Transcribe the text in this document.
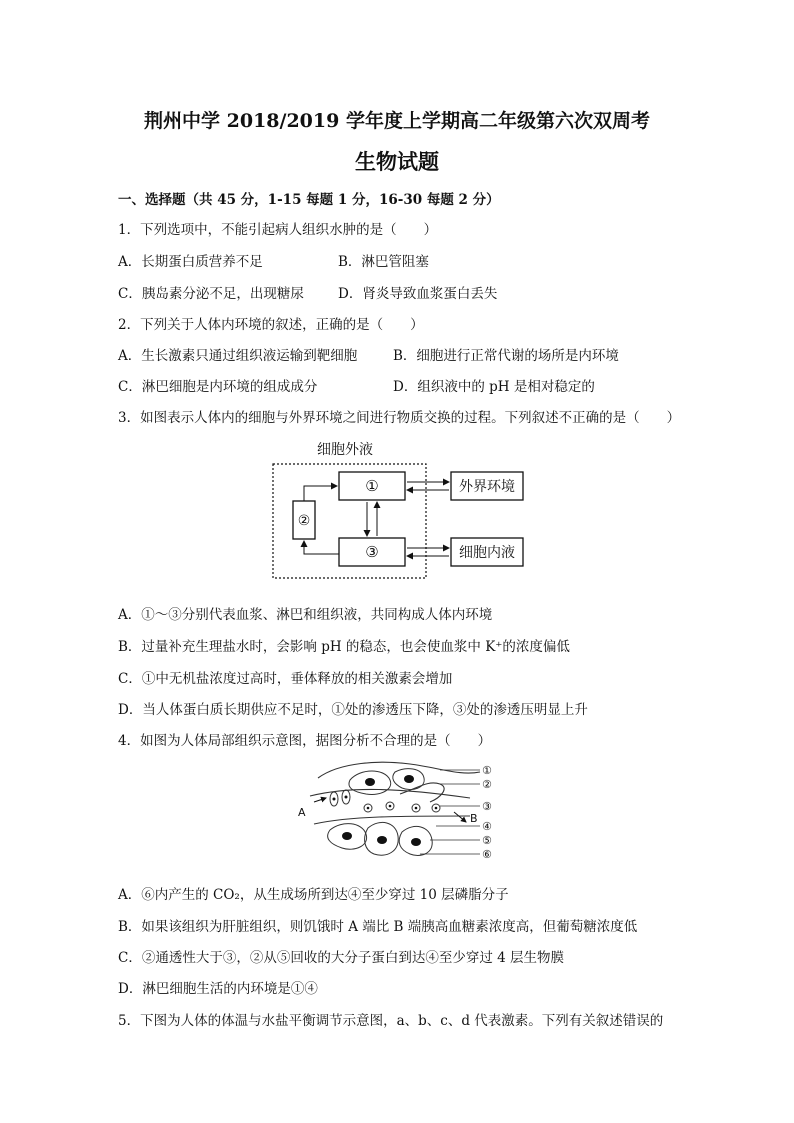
荆州中学 2018/2019 学年度上学期高二年级第六次双周考
生物试题
一、选择题（共 45 分，1-15 每题 1 分，16-30 每题 2 分）
1．下列选项中，不能引起病人组织水肿的是（　　）
A．长期蛋白质营养不足	B．淋巴管阻塞
C．胰岛素分泌不足，出现糖尿	D．肾炎导致血浆蛋白丢失
2．下列关于人体内环境的叙述，正确的是（　　）
A．生长激素只通过组织液运输到靶细胞	B．细胞进行正常代谢的场所是内环境
C．淋巴细胞是内环境的组成成分	D．组织液中的 pH 是相对稳定的
3．如图表示人体内的细胞与外界环境之间进行物质交换的过程。下列叙述不正确的是（　　）
细胞外液
①
②
③
外界环境
细胞内液
A．①～③分别代表血浆、淋巴和组织液，共同构成人体内环境
B．过量补充生理盐水时，会影响 pH 的稳态，也会使血浆中 K⁺的浓度偏低
C．①中无机盐浓度过高时，垂体释放的相关激素会增加
D．当人体蛋白质长期供应不足时，①处的渗透压下降，③处的渗透压明显上升
4．如图为人体局部组织示意图，据图分析不合理的是（　　）
A	B
①
②
③
④
⑤
⑥
A．⑥内产生的 CO₂，从生成场所到达④至少穿过 10 层磷脂分子
B．如果该组织为肝脏组织，则饥饿时 A 端比 B 端胰高血糖素浓度高，但葡萄糖浓度低
C．②通透性大于③，②从⑤回收的大分子蛋白到达④至少穿过 4 层生物膜
D．淋巴细胞生活的内环境是①④
5．下图为人体的体温与水盐平衡调节示意图，a、b、c、d 代表激素。下列有关叙述错误的
